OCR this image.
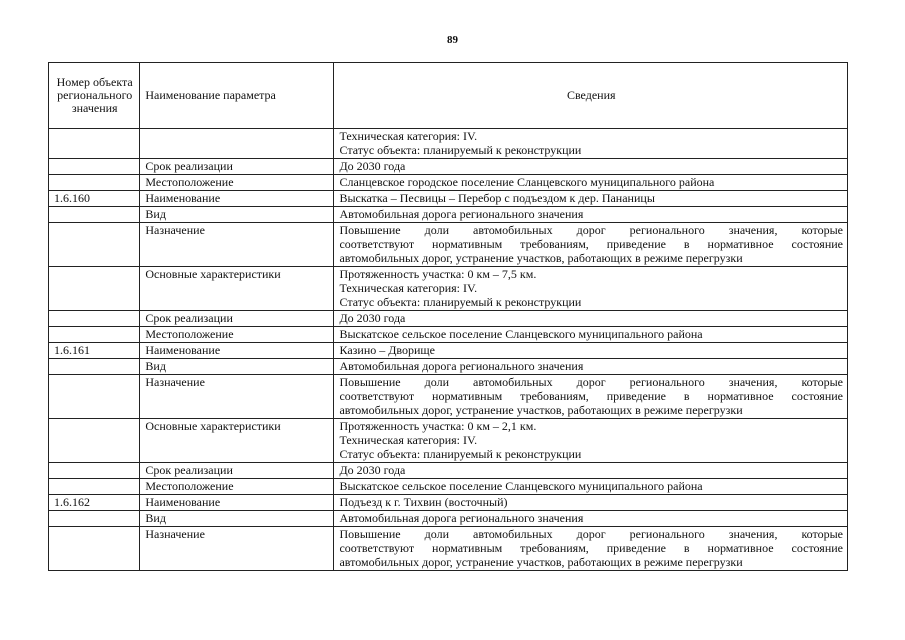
89
Номер объекта регионального значения	Наименование параметра	Сведения

		Техническая категория: IV.
Статус объекта: планируемый к реконструкции

	Срок реализации	До 2030 года

	Местоположение	Сланцевское городское поселение Сланцевского муниципального района

1.6.160	Наименование	Выскатка – Песвицы – Перебор с подъездом к дер. Пананицы

	Вид	Автомобильная дорога регионального значения

	Назначение	Повышение доли автомобильных дорог регионального значения, которые
соответствуют нормативным требованиям, приведение в нормативное состояние
автомобильных дорог, устранение участков, работающих в режиме перегрузки

	Основные характеристики	Протяженность участка: 0 км – 7,5 км.
Техническая категория: IV.
Статус объекта: планируемый к реконструкции

	Срок реализации	До 2030 года

	Местоположение	Выскатское сельское поселение Сланцевского муниципального района

1.6.161	Наименование	Казино – Дворище

	Вид	Автомобильная дорога регионального значения

	Назначение	Повышение доли автомобильных дорог регионального значения, которые
соответствуют нормативным требованиям, приведение в нормативное состояние
автомобильных дорог, устранение участков, работающих в режиме перегрузки

	Основные характеристики	Протяженность участка: 0 км – 2,1 км.
Техническая категория: IV.
Статус объекта: планируемый к реконструкции

	Срок реализации	До 2030 года

	Местоположение	Выскатское сельское поселение Сланцевского муниципального района

1.6.162	Наименование	Подъезд к г. Тихвин (восточный)

	Вид	Автомобильная дорога регионального значения

	Назначение	Повышение доли автомобильных дорог регионального значения, которые
соответствуют нормативным требованиям, приведение в нормативное состояние
автомобильных дорог, устранение участков, работающих в режиме перегрузки
